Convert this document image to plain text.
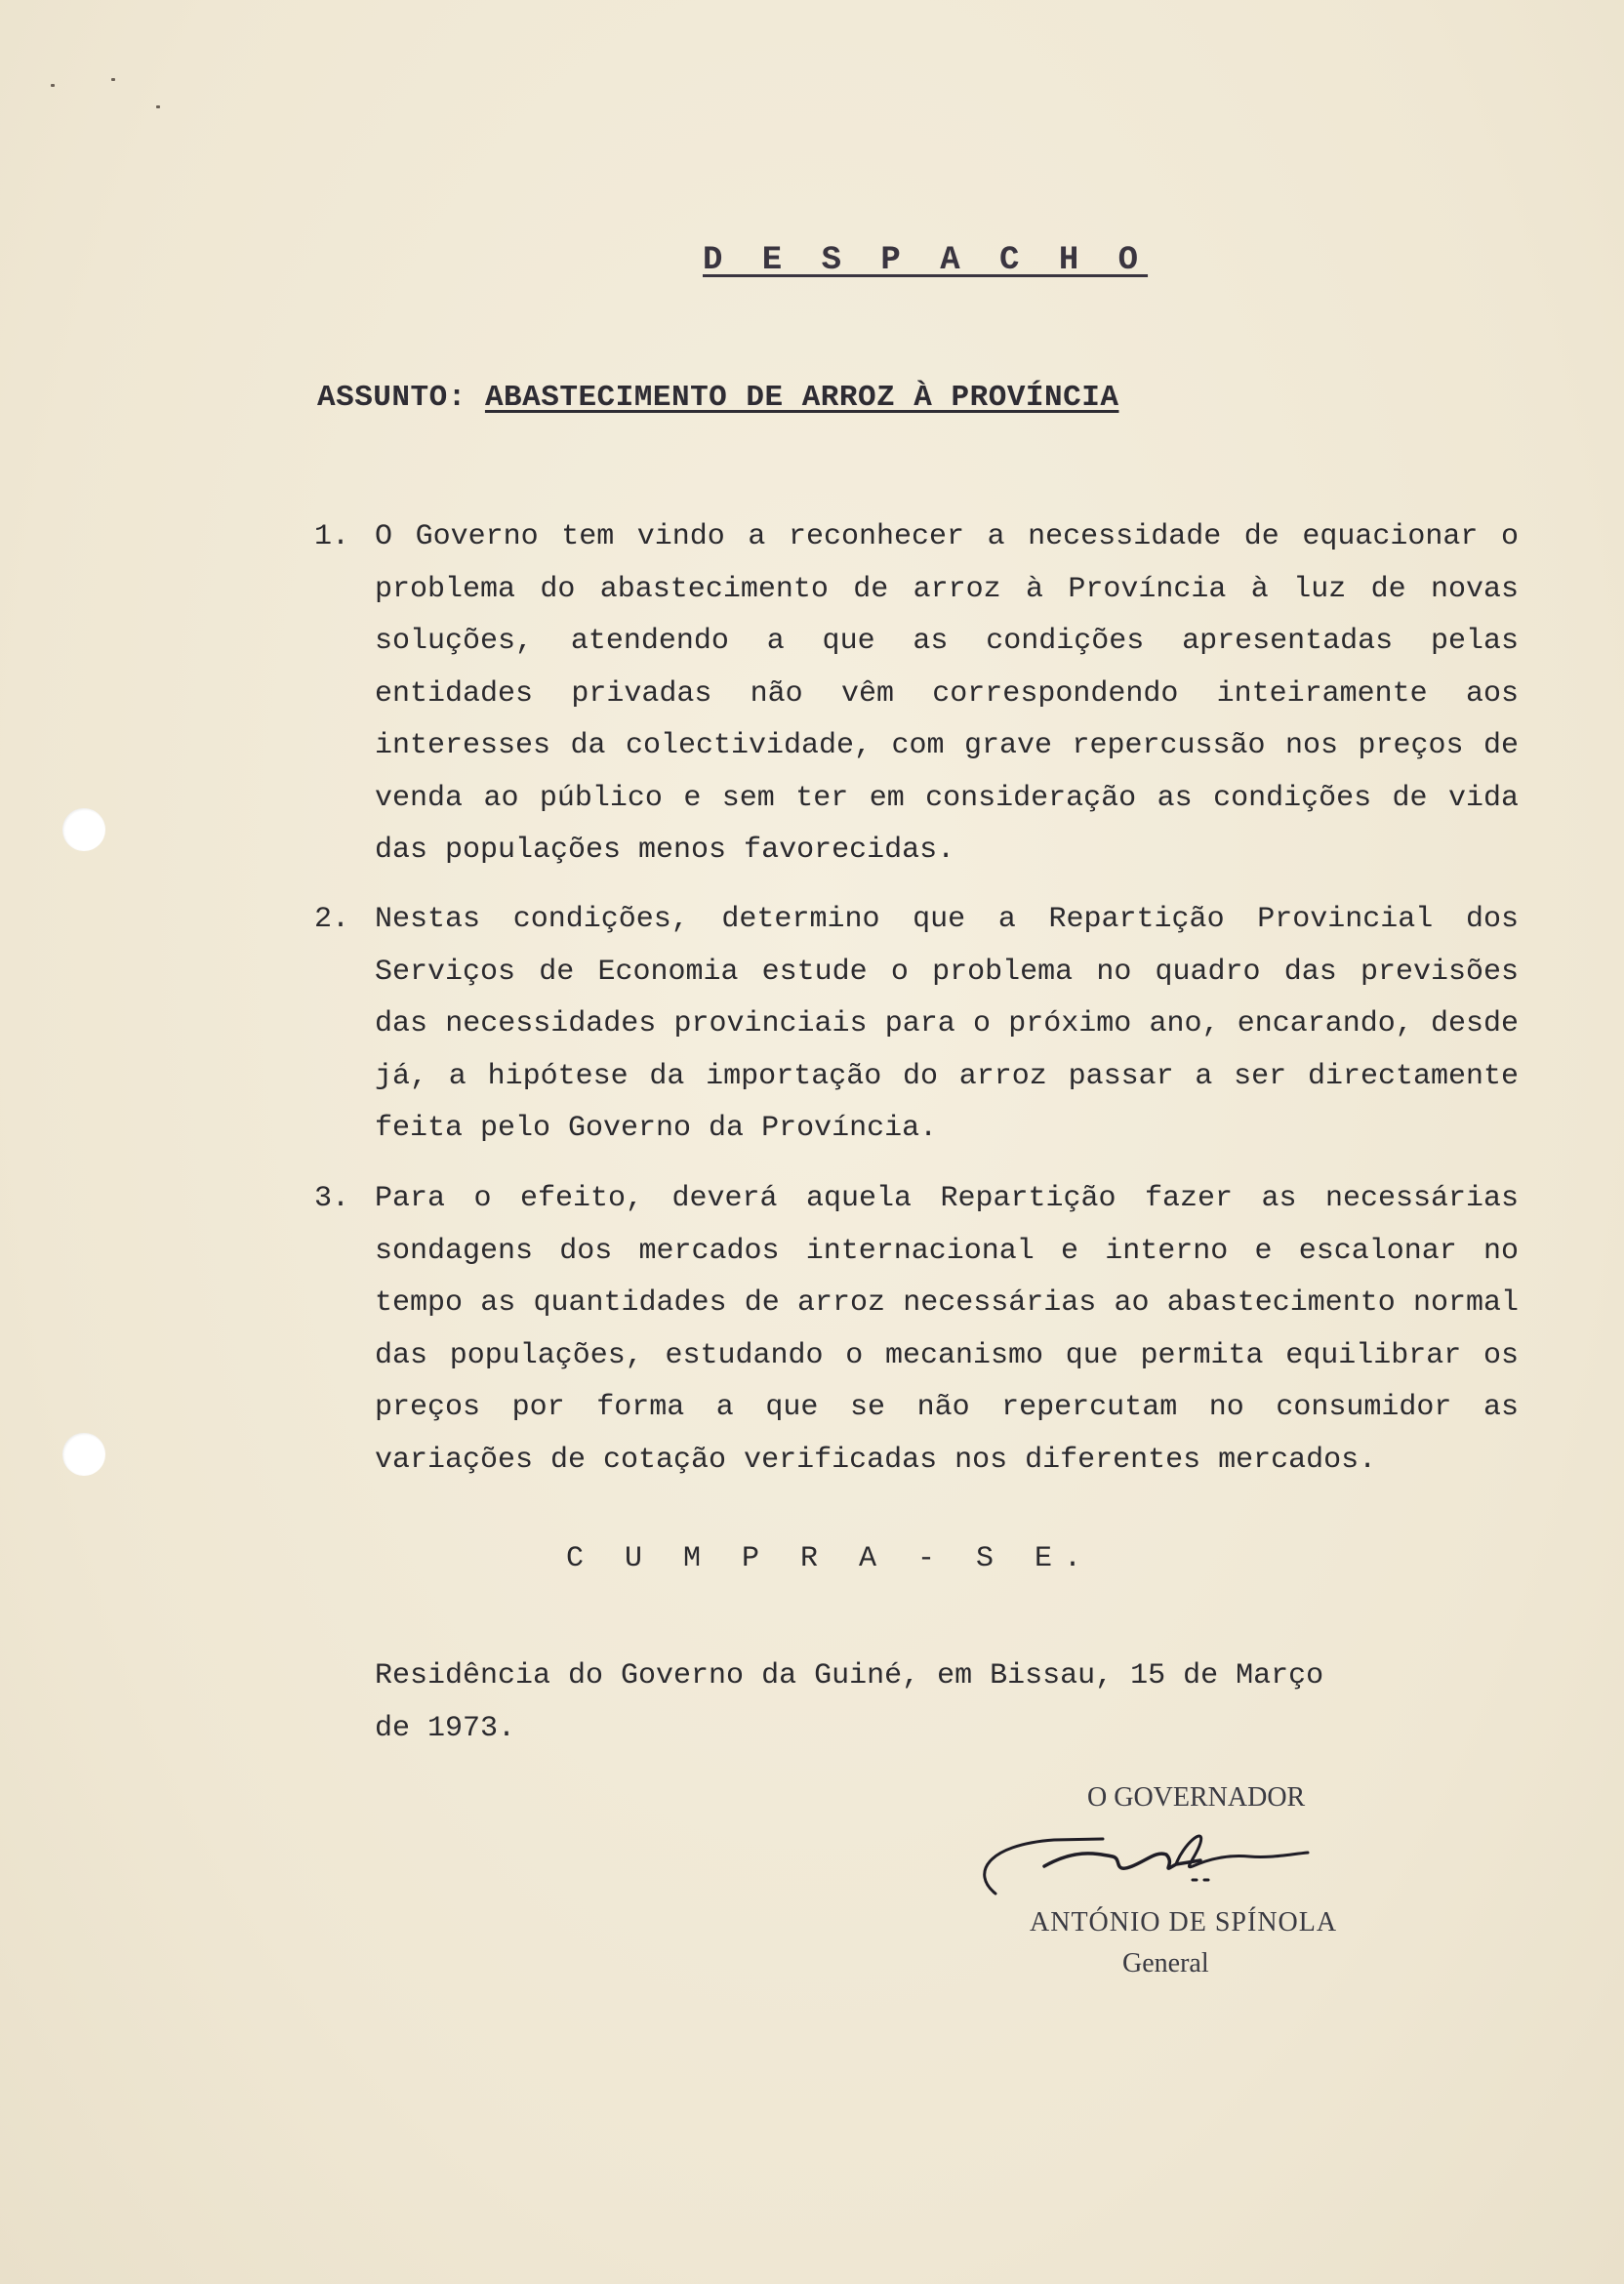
D E S P A C H O
ASSUNTO: ABASTECIMENTO DE ARROZ À PROVÍNCIA
1. O Governo tem vindo a reconhecer a necessidade de equacionar o problema do abastecimento de arroz à Província à luz de novas soluções, atendendo a que as condições apresentadas pelas entidades privadas não vêm correspondendo inteiramente aos interesses da colectividade, com grave repercussão nos preços de venda ao público e sem ter em consideração as condições de vida das populações menos favorecidas.
2. Nestas condições, determino que a Repartição Provincial dos Serviços de Economia estude o problema no quadro das previsões das necessidades provinciais para o próximo ano, encarando, desde já, a hipótese da importação do arroz passar a ser directamente feita pelo Governo da Província.
3. Para o efeito, deverá aquela Repartição fazer as necessárias sondagens dos mercados internacional e interno e escalonar no tempo as quantidades de arroz necessárias ao abastecimento normal das populações, estudando o mecanismo que permita equilibrar os preços por forma a que se não repercutam no consumidor as variações de cotação verificadas nos diferentes mercados.
C U M P R A - S E.
Residência do Governo da Guiné, em Bissau, 15 de Março

de 1973.
O GOVERNADOR
ANTÓNIO DE SPÍNOLA
General
